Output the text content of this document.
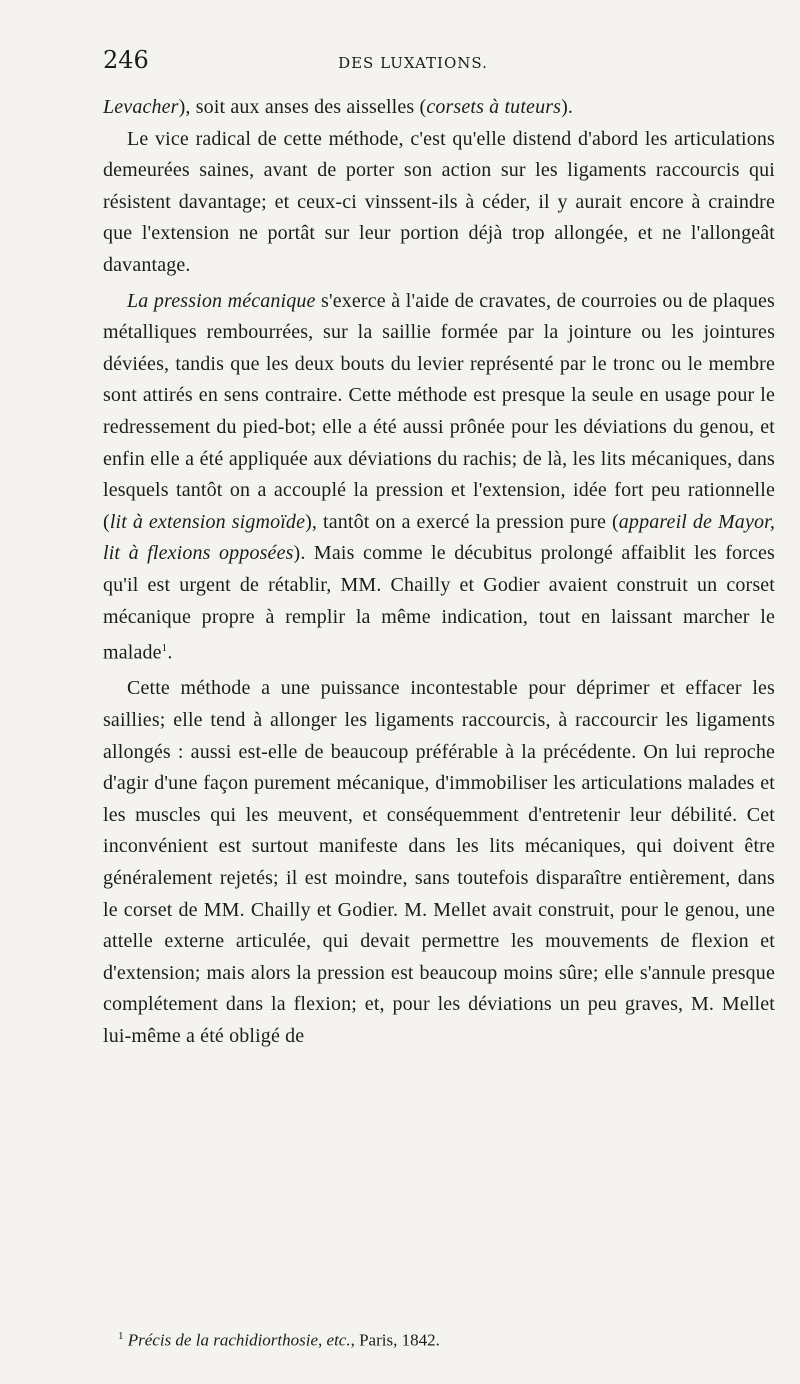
246	DES LUXATIONS.

Levacher), soit aux anses des aisselles (corsets à tuteurs).

Le vice radical de cette méthode, c'est qu'elle distend d'abord les articulations demeurées saines, avant de porter son action sur les ligaments raccourcis qui résistent davantage; et ceux-ci vinssent-ils à céder, il y aurait encore à craindre que l'extension ne portât sur leur portion déjà trop allongée, et ne l'allongeât davantage.

La pression mécanique s'exerce à l'aide de cravates, de courroies ou de plaques métalliques rembourrées, sur la saillie formée par la jointure ou les jointures déviées, tandis que les deux bouts du levier représenté par le tronc ou le membre sont attirés en sens contraire. Cette méthode est presque la seule en usage pour le redressement du pied-bot; elle a été aussi prônée pour les déviations du genou, et enfin elle a été appliquée aux déviations du rachis; de là, les lits mécaniques, dans lesquels tantôt on a accouplé la pression et l'extension, idée fort peu rationnelle (lit à extension sigmoïde), tantôt on a exercé la pression pure (appareil de Mayor, lit à flexions opposées). Mais comme le décubitus prolongé affaiblit les forces qu'il est urgent de rétablir, MM. Chailly et Godier avaient construit un corset mécanique propre à remplir la même indication, tout en laissant marcher le malade$^1$.

Cette méthode a une puissance incontestable pour déprimer et effacer les saillies; elle tend à allonger les ligaments raccourcis, à raccourcir les ligaments allongés : aussi est-elle de beaucoup préférable à la précédente. On lui reproche d'agir d'une façon purement mécanique, d'immobiliser les articulations malades et les muscles qui les meuvent, et conséquemment d'entretenir leur débilité. Cet inconvénient est surtout manifeste dans les lits mécaniques, qui doivent être généralement rejetés; il est moindre, sans toutefois disparaître entièrement, dans le corset de MM. Chailly et Godier. M. Mellet avait construit, pour le genou, une attelle externe articulée, qui devait permettre les mouvements de flexion et d'extension; mais alors la pression est beaucoup moins sûre; elle s'annule presque complétement dans la flexion; et, pour les déviations un peu graves, M. Mellet lui-même a été obligé de

$^1$ Précis de la rachidiorthosie, etc., Paris, 1842.
